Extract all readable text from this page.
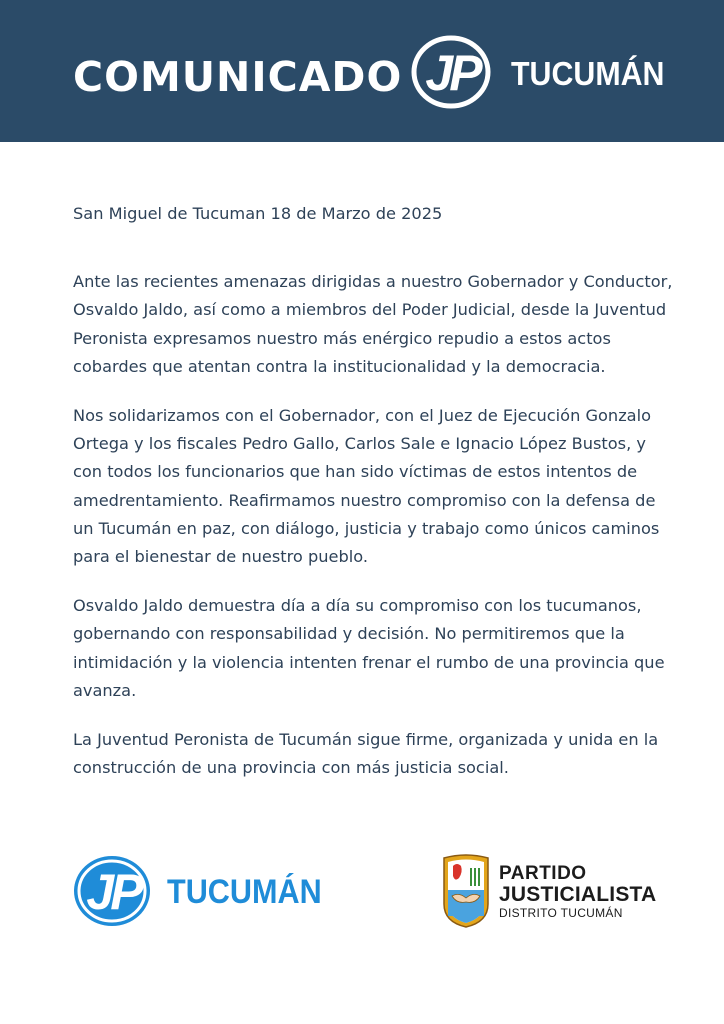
COMUNICADO JP TUCUMÁN

San Miguel de Tucuman 18 de Marzo de 2025

Ante las recientes amenazas dirigidas a nuestro Gobernador y Conductor, Osvaldo Jaldo, así como a miembros del Poder Judicial, desde la Juventud Peronista expresamos nuestro más enérgico repudio a estos actos cobardes que atentan contra la institucionalidad y la democracia.

Nos solidarizamos con el Gobernador, con el Juez de Ejecución Gonzalo Ortega y los fiscales Pedro Gallo, Carlos Sale e Ignacio López Bustos, y con todos los funcionarios que han sido víctimas de estos intentos de amedrentamiento. Reafirmamos nuestro compromiso con la defensa de un Tucumán en paz, con diálogo, justicia y trabajo como únicos caminos para el bienestar de nuestro pueblo.

Osvaldo Jaldo demuestra día a día su compromiso con los tucumanos, gobernando con responsabilidad y decisión. No permitiremos que la intimidación y la violencia intenten frenar el rumbo de una provincia que avanza.

La Juventud Peronista de Tucumán sigue firme, organizada y unida en la construcción de una provincia con más justicia social.

JP TUCUMÁN	PARTIDO
JUSTICIALISTA
DISTRITO TUCUMÁN
